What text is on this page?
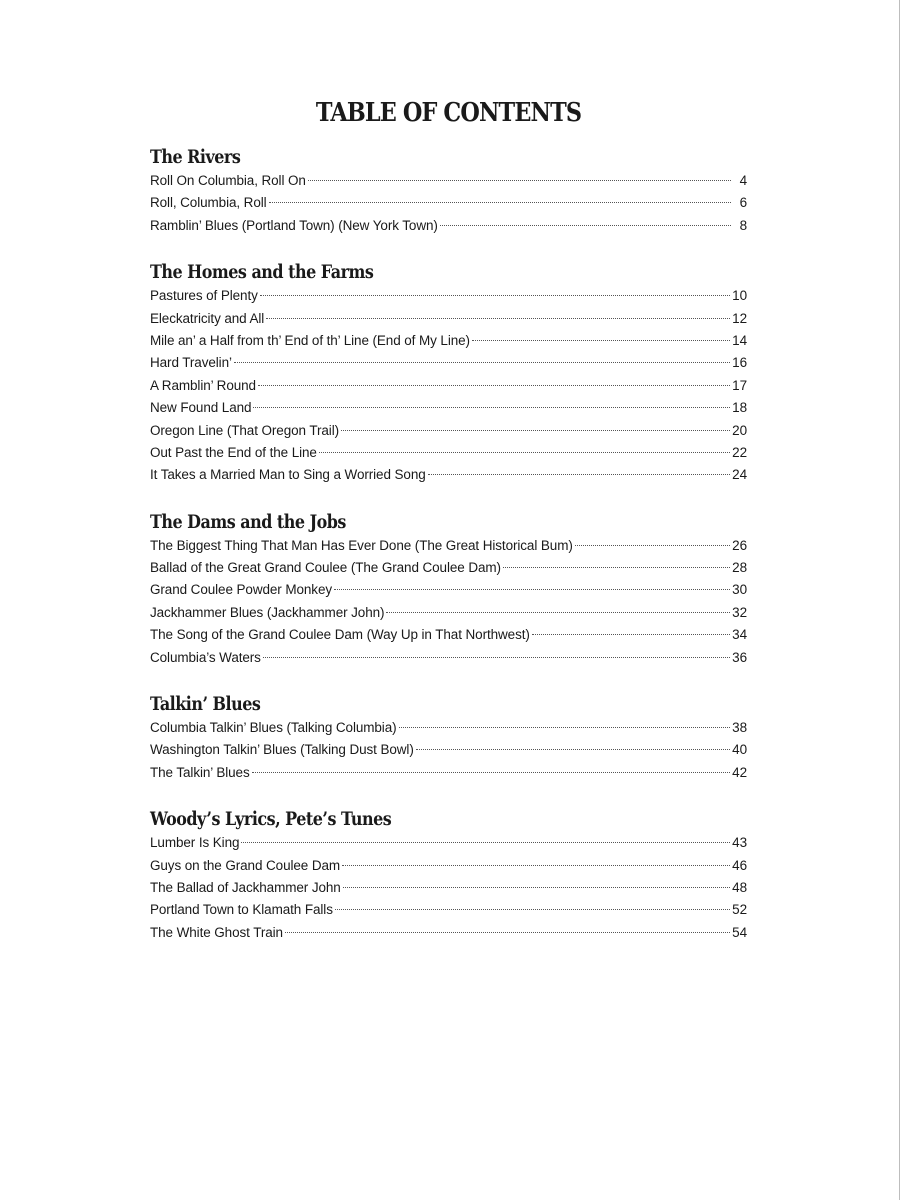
TABLE OF CONTENTS
The Rivers
Roll On Columbia, Roll On	4
Roll, Columbia, Roll	6
Ramblin’ Blues (Portland Town) (New York Town)	8
The Homes and the Farms
Pastures of Plenty	10
Eleckatricity and All	12
Mile an’ a Half from th’ End of th’ Line (End of My Line)	14
Hard Travelin’	16
A Ramblin’ Round	17
New Found Land	18
Oregon Line (That Oregon Trail)	20
Out Past the End of the Line	22
It Takes a Married Man to Sing a Worried Song	24
The Dams and the Jobs
The Biggest Thing That Man Has Ever Done (The Great Historical Bum)	26
Ballad of the Great Grand Coulee (The Grand Coulee Dam)	28
Grand Coulee Powder Monkey	30
Jackhammer Blues (Jackhammer John)	32
The Song of the Grand Coulee Dam (Way Up in That Northwest)	34
Columbia’s Waters	36
Talkin’ Blues
Columbia Talkin’ Blues (Talking Columbia)	38
Washington Talkin’ Blues (Talking Dust Bowl)	40
The Talkin’ Blues	42
Woody’s Lyrics, Pete’s Tunes
Lumber Is King	43
Guys on the Grand Coulee Dam	46
The Ballad of Jackhammer John	48
Portland Town to Klamath Falls	52
The White Ghost Train	54
